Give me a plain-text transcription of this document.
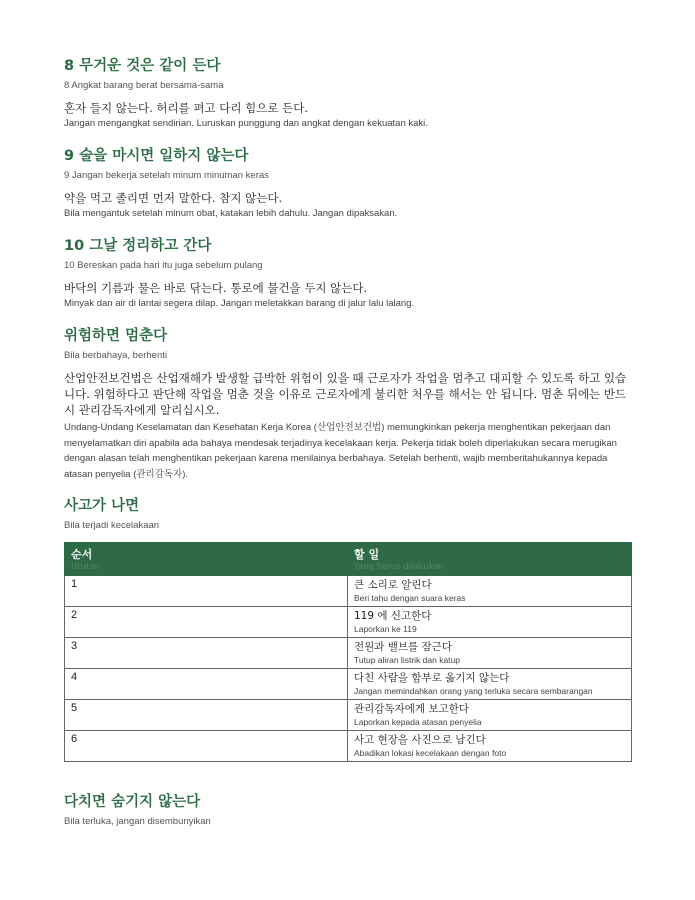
8 무거운 것은 같이 든다

8 Angkat barang berat bersama-sama

혼자 들지 않는다. 허리를 펴고 다리 힘으로 든다.

Jangan mengangkat sendirian. Luruskan punggung dan angkat dengan kekuatan kaki.

9 술을 마시면 일하지 않는다

9 Jangan bekerja setelah minum minuman keras

약을 먹고 졸리면 먼저 말한다. 참지 않는다.

Bila mengantuk setelah minum obat, katakan lebih dahulu. Jangan dipaksakan.

10 그날 정리하고 간다

10 Bereskan pada hari itu juga sebelum pulang

바닥의 기름과 물은 바로 닦는다. 통로에 물건을 두지 않는다.

Minyak dan air di lantai segera dilap. Jangan meletakkan barang di jalur lalu lalang.

위험하면 멈춘다

Bila berbahaya, berhenti

산업안전보건법은 산업재해가 발생할 급박한 위험이 있을 때 근로자가 작업을 멈추고 대피할 수 있도록 하고 있습니다. 위험하다고 판단해 작업을 멈춘 것을 이유로 근로자에게 불리한 처우를 해서는 안 됩니다. 멈춘 뒤에는 반드시 관리감독자에게 알리십시오.

Undang-Undang Keselamatan dan Kesehatan Kerja Korea (산업안전보건법) memungkinkan pekerja menghentikan pekerjaan dan menyelamatkan diri apabila ada bahaya mendesak terjadinya kecelakaan kerja. Pekerja tidak boleh diperlakukan secara merugikan dengan alasan telah menghentikan pekerjaan karena menilainya berbahaya. Setelah berhenti, wajib memberitahukannya kepada atasan penyelia (관리감독자).

사고가 나면

Bila terjadi kecelakaan

순서
Urutan	할 일
Yang harus dilakukan

1	큰 소리로 알린다
Beri tahu dengan suara keras

2	119 에 신고한다
Laporkan ke 119

3	전원과 밸브를 잠근다
Tutup aliran listrik dan katup

4	다친 사람을 함부로 옮기지 않는다
Jangan memindahkan orang yang terluka secara sembarangan

5	관리감독자에게 보고한다
Laporkan kepada atasan penyelia

6	사고 현장을 사진으로 남긴다
Abadikan lokasi kecelakaan dengan foto
다치면 숨기지 않는다

Bila terluka, jangan disembunyikan
